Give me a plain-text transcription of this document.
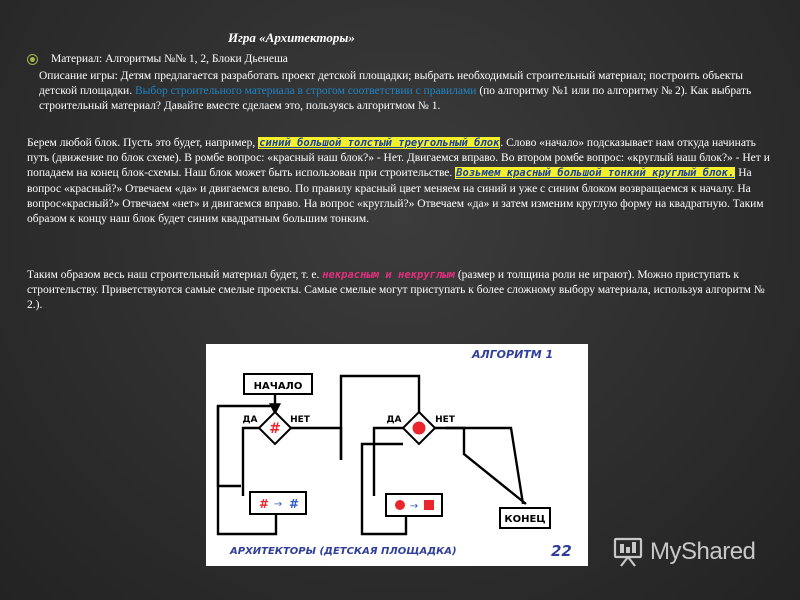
Игра «Архитекторы»
Материал: Алгоритмы №№ 1, 2, Блоки Дьенеша
Описание игры: Детям предлагается разработать проект детской площадки; выбрать необходимый строительный материал; построить объекты детской площадки. Выбор строительного материала в строгом соответствии с правилами (по алгоритму №1 или по алгоритму № 2). Как выбрать строительный материал? Давайте вместе сделаем это, пользуясь алгоритмом № 1.
Берем любой блок. Пусть это будет, например, синий большой толстый треугольный блок. Слово «начало» подсказывает нам откуда начинать путь (движение по блок схеме). В ромбе вопрос: «красный наш блок?» - Нет. Двигаемся вправо. Во втором ромбе вопрос: «круглый наш блок?» - Нет и попадаем на конец блок-схемы. Наш блок может быть использован при строительстве. Возьмем красный большой тонкий круглый блок. На вопрос «красный?» Отвечаем «да» и двигаемся влево. По правилу красный цвет меняем на синий и уже с синим блоком возвращаемся к началу. На вопрос«красный?» Отвечаем «нет» и двигаемся вправо. На вопрос «круглый?» Отвечаем «да» и затем изменим круглую форму на квадратную. Таким образом к концу наш блок будет синим квадратным большим тонким.
Таким образом весь наш строительный материал будет, т. е. некрасным и некруглым (размер и толщина роли не играют). Можно приступать к строительству. Приветствуются самые смелые проекты. Самые смелые могут приступать к более сложному выбору материала, используя алгоритм № 2.).
АЛГОРИТМ 1
НАЧАЛО
#
ДА	НЕТ
# → #
ДА	НЕТ
→
КОНЕЦ
АРХИТЕКТОРЫ (ДЕТСКАЯ ПЛОЩАДКА)	22	MyShared
